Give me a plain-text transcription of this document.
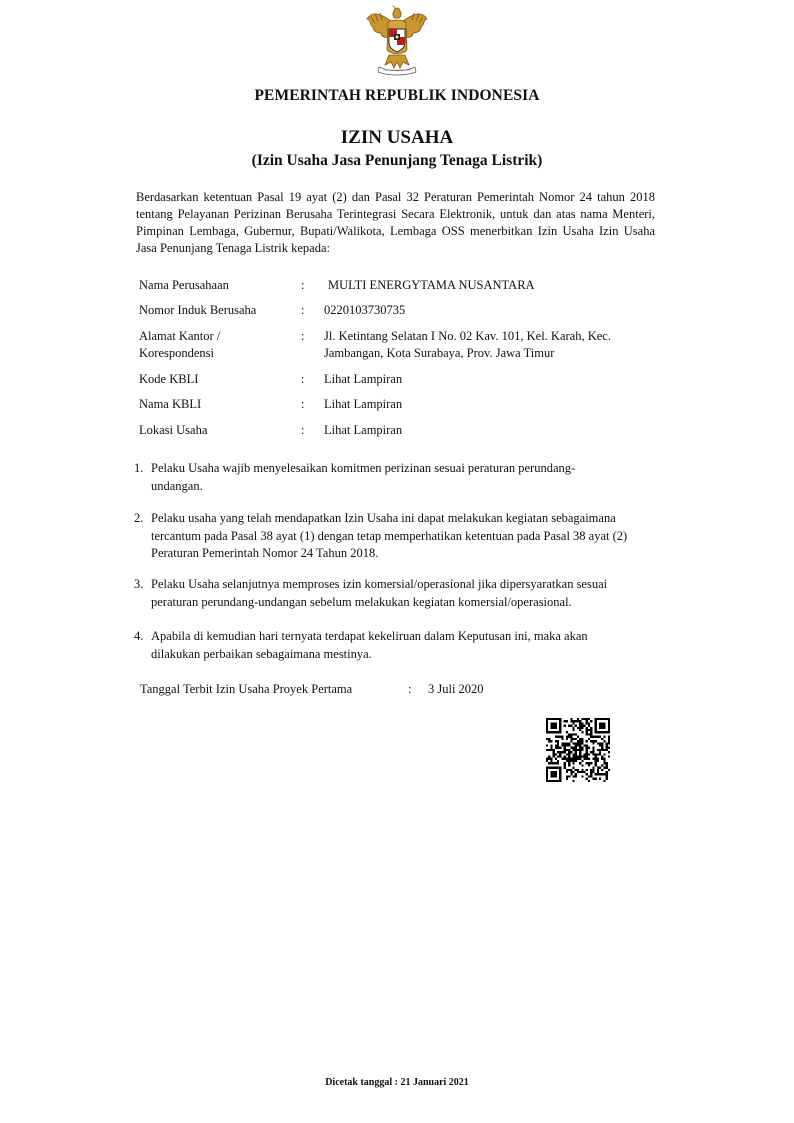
PEMERINTAH REPUBLIK INDONESIA
IZIN USAHA
(Izin Usaha Jasa Penunjang Tenaga Listrik)
Berdasarkan ketentuan Pasal 19 ayat (2) dan Pasal 32 Peraturan Pemerintah Nomor 24 tahun 2018 tentang Pelayanan Perizinan Berusaha Terintegrasi Secara Elektronik, untuk dan atas nama Menteri, Pimpinan Lembaga, Gubernur, Bupati/Walikota, Lembaga OSS menerbitkan Izin Usaha Izin Usaha Jasa Penunjang Tenaga Listrik kepada:
Nama Perusahaan	: MULTI ENERGYTAMA NUSANTARA
Nomor Induk Berusaha	: 0220103730735
Alamat Kantor / Korespondensi
: Jl. Ketintang Selatan I No. 02 Kav. 101, Kel. Karah, Kec. Jambangan, Kota Surabaya, Prov. Jawa Timur
Kode KBLI	: Lihat Lampiran
Nama KBLI	: Lihat Lampiran
Lokasi Usaha	: Lihat Lampiran
1. Pelaku Usaha wajib menyelesaikan komitmen perizinan sesuai peraturan perundang-undangan.
2. Pelaku usaha yang telah mendapatkan Izin Usaha ini dapat melakukan kegiatan sebagaimana tercantum pada Pasal 38 ayat (1) dengan tetap memperhatikan ketentuan pada Pasal 38 ayat (2) Peraturan Pemerintah Nomor 24 Tahun 2018.
3. Pelaku Usaha selanjutnya memproses izin komersial/operasional jika dipersyaratkan sesuai peraturan perundang-undangan sebelum melakukan kegiatan komersial/operasional.
4. Apabila di kemudian hari ternyata terdapat kekeliruan dalam Keputusan ini, maka akan dilakukan perbaikan sebagaimana mestinya.
Tanggal Terbit Izin Usaha Proyek Pertama	: 3 Juli 2020
Dicetak tanggal : 21 Januari 2021
